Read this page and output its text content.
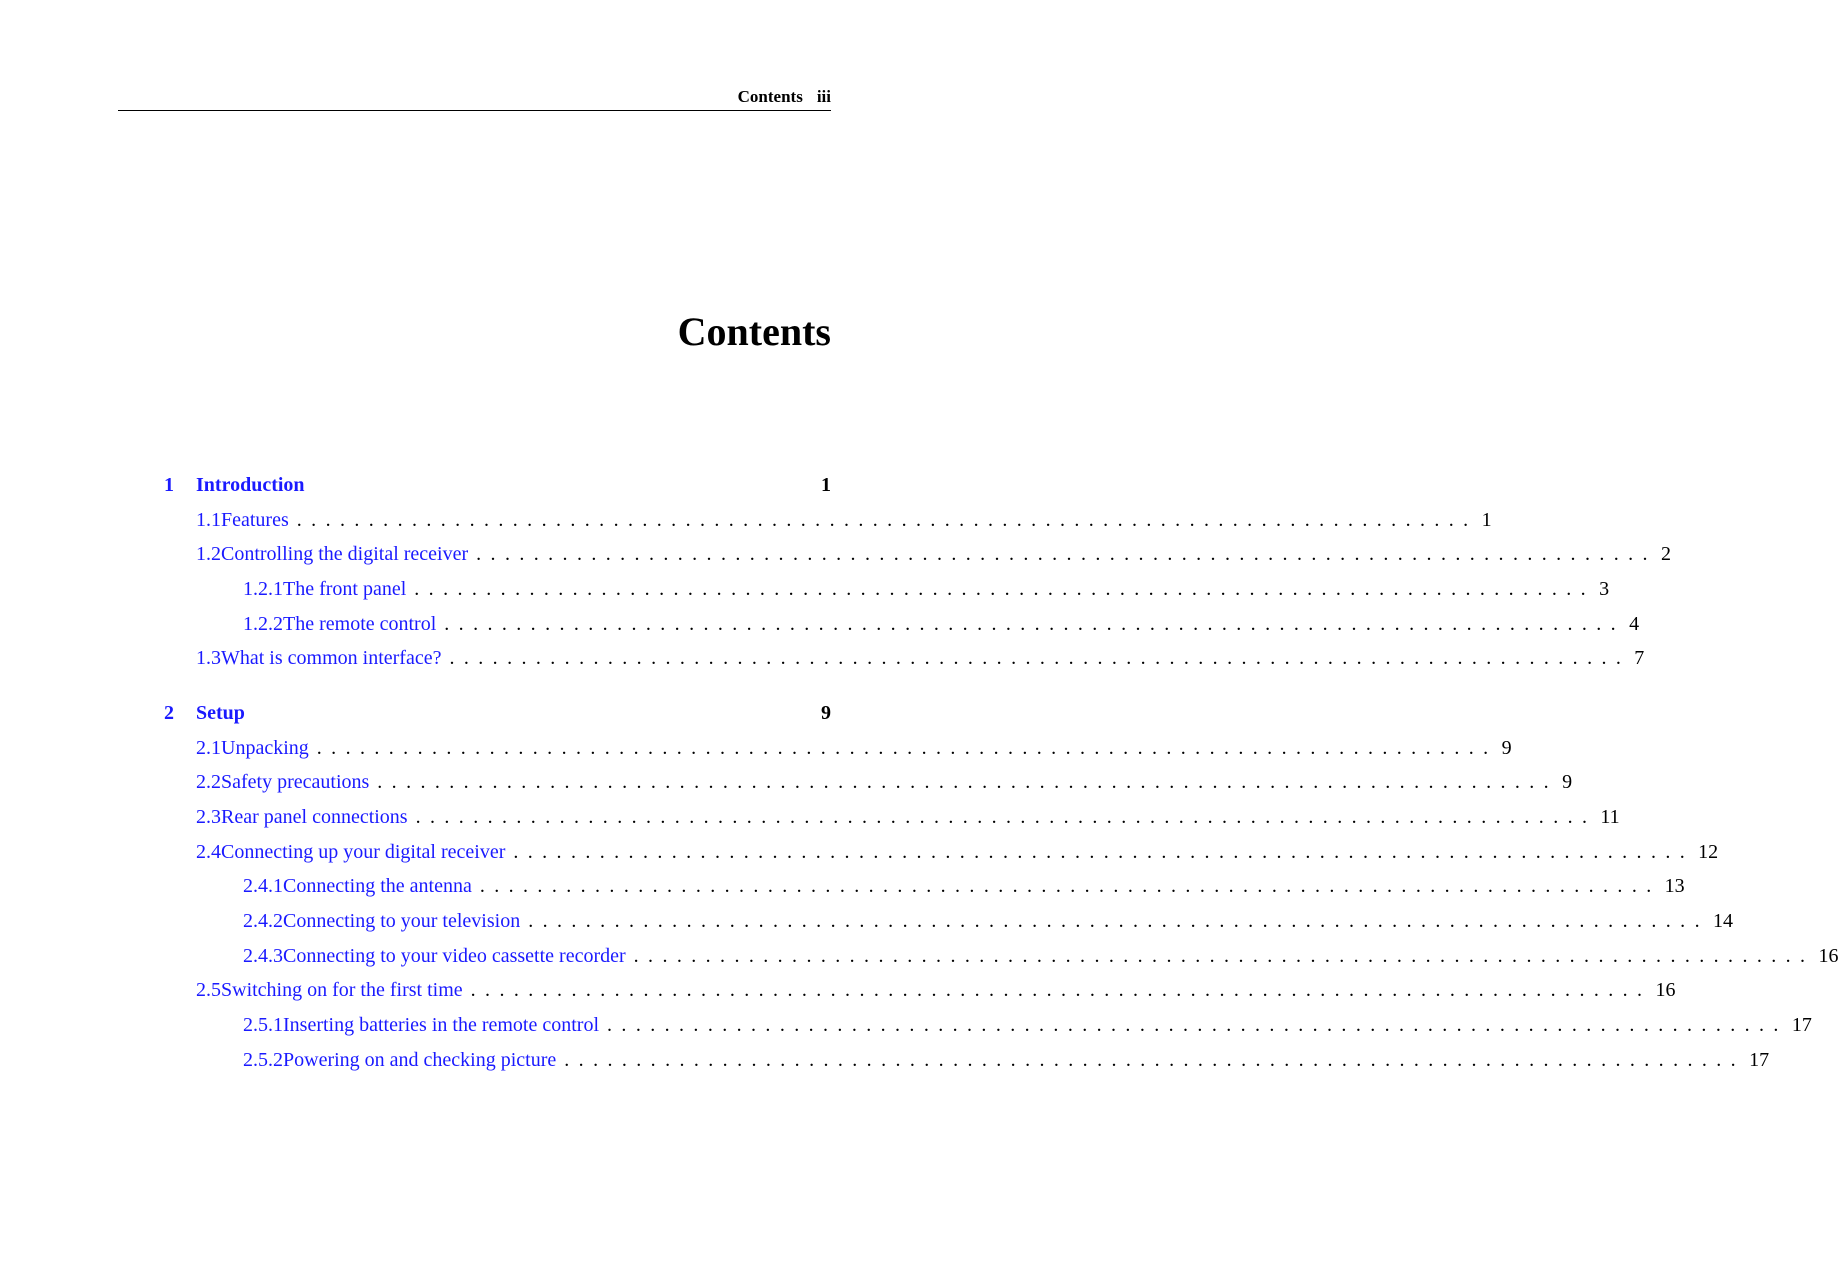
Contents iii
Contents
1	Introduction	1
1.1 Features .................................................................................. 1
1.2 Controlling the digital receiver .................................................................................. 2
1.2.1 The front panel .................................................................................. 3
1.2.2 The remote control .................................................................................. 4
1.3 What is common interface? .................................................................................. 7
2	Setup	9
2.1 Unpacking .................................................................................. 9
2.2 Safety precautions .................................................................................. 9
2.3 Rear panel connections .................................................................................. 11
2.4 Connecting up your digital receiver .................................................................................. 12
2.4.1 Connecting the antenna .................................................................................. 13
2.4.2 Connecting to your television .................................................................................. 14
2.4.3 Connecting to your video cassette recorder .................................................................................. 16
2.5 Switching on for the first time .................................................................................. 16
2.5.1 Inserting batteries in the remote control .................................................................................. 17
2.5.2 Powering on and checking picture .................................................................................. 17
